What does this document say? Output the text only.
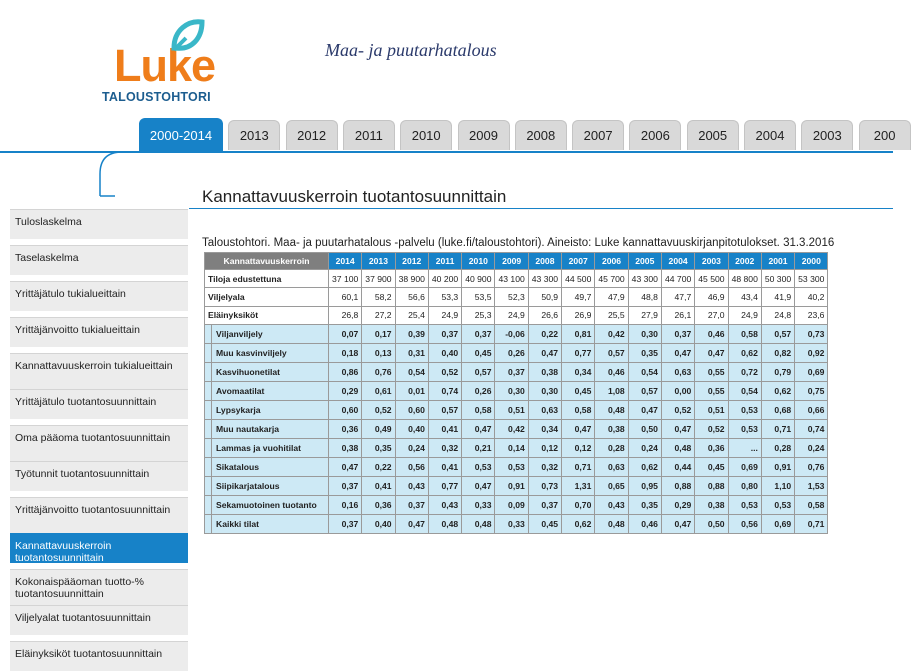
Luke
TALOUSTOHTORI
Maa- ja puutarhatalous
2000-2014	2013	2012	2011	2010	2009	2008	2007	2006	2005	2004	2003	200
Tuloslaskelma
Taselaskelma
Yrittäjätulo tukialueittain
Yrittäjänvoitto tukialueittain
Kannattavuuskerroin tukialueittain
Yrittäjätulo tuotantosuunnittain
Oma pääoma tuotantosuunnittain
Työtunnit tuotantosuunnittain
Yrittäjänvoitto tuotantosuunnittain
Kannattavuuskerroin tuotantosuunnittain
Kokonaispääoman tuotto-% tuotantosuunnittain
Viljelyalat tuotantosuunnittain
Eläinyksiköt tuotantosuunnittain
Kannattavuuskerroin tuotantosuunnittain
Taloustohtori. Maa- ja puutarhatalous -palvelu (luke.fi/taloustohtori). Aineisto: Luke kannattavuuskirjanpitotulokset. 31.3.2016
Kannattavuuskerroin	2014	2013	2012	2011	2010	2009	2008	2007	2006	2005	2004	2003	2002	2001	2000
Tiloja edustettuna	37 100	37 900	38 900	40 200	40 900	43 100	43 300	44 500	45 700	43 300	44 700	45 500	48 800	50 300	53 300
Viljelyala	60,1	58,2	56,6	53,3	53,5	52,3	50,9	49,7	47,9	48,8	47,7	46,9	43,4	41,9	40,2
Eläinyksiköt	26,8	27,2	25,4	24,9	25,3	24,9	26,6	26,9	25,5	27,9	26,1	27,0	24,9	24,8	23,6
Viljanviljely	0,07	0,17	0,39	0,37	0,37	-0,06	0,22	0,81	0,42	0,30	0,37	0,46	0,58	0,57	0,73
Muu kasvinviljely	0,18	0,13	0,31	0,40	0,45	0,26	0,47	0,77	0,57	0,35	0,47	0,47	0,62	0,82	0,92
Kasvihuonetilat	0,86	0,76	0,54	0,52	0,57	0,37	0,38	0,34	0,46	0,54	0,63	0,55	0,72	0,79	0,69
Avomaatilat	0,29	0,61	0,01	0,74	0,26	0,30	0,30	0,45	1,08	0,57	0,00	0,55	0,54	0,62	0,75
Lypsykarja	0,60	0,52	0,60	0,57	0,58	0,51	0,63	0,58	0,48	0,47	0,52	0,51	0,53	0,68	0,66
Muu nautakarja	0,36	0,49	0,40	0,41	0,47	0,42	0,34	0,47	0,38	0,50	0,47	0,52	0,53	0,71	0,74
Lammas ja vuohitilat	0,38	0,35	0,24	0,32	0,21	0,14	0,12	0,12	0,28	0,24	0,48	0,36	...	0,28	0,24
Sikatalous	0,47	0,22	0,56	0,41	0,53	0,53	0,32	0,71	0,63	0,62	0,44	0,45	0,69	0,91	0,76
Siipikarjatalous	0,37	0,41	0,43	0,77	0,47	0,91	0,73	1,31	0,65	0,95	0,88	0,88	0,80	1,10	1,53
Sekamuotoinen tuotanto	0,16	0,36	0,37	0,43	0,33	0,09	0,37	0,70	0,43	0,35	0,29	0,38	0,53	0,53	0,58
Kaikki tilat	0,37	0,40	0,47	0,48	0,48	0,33	0,45	0,62	0,48	0,46	0,47	0,50	0,56	0,69	0,71
